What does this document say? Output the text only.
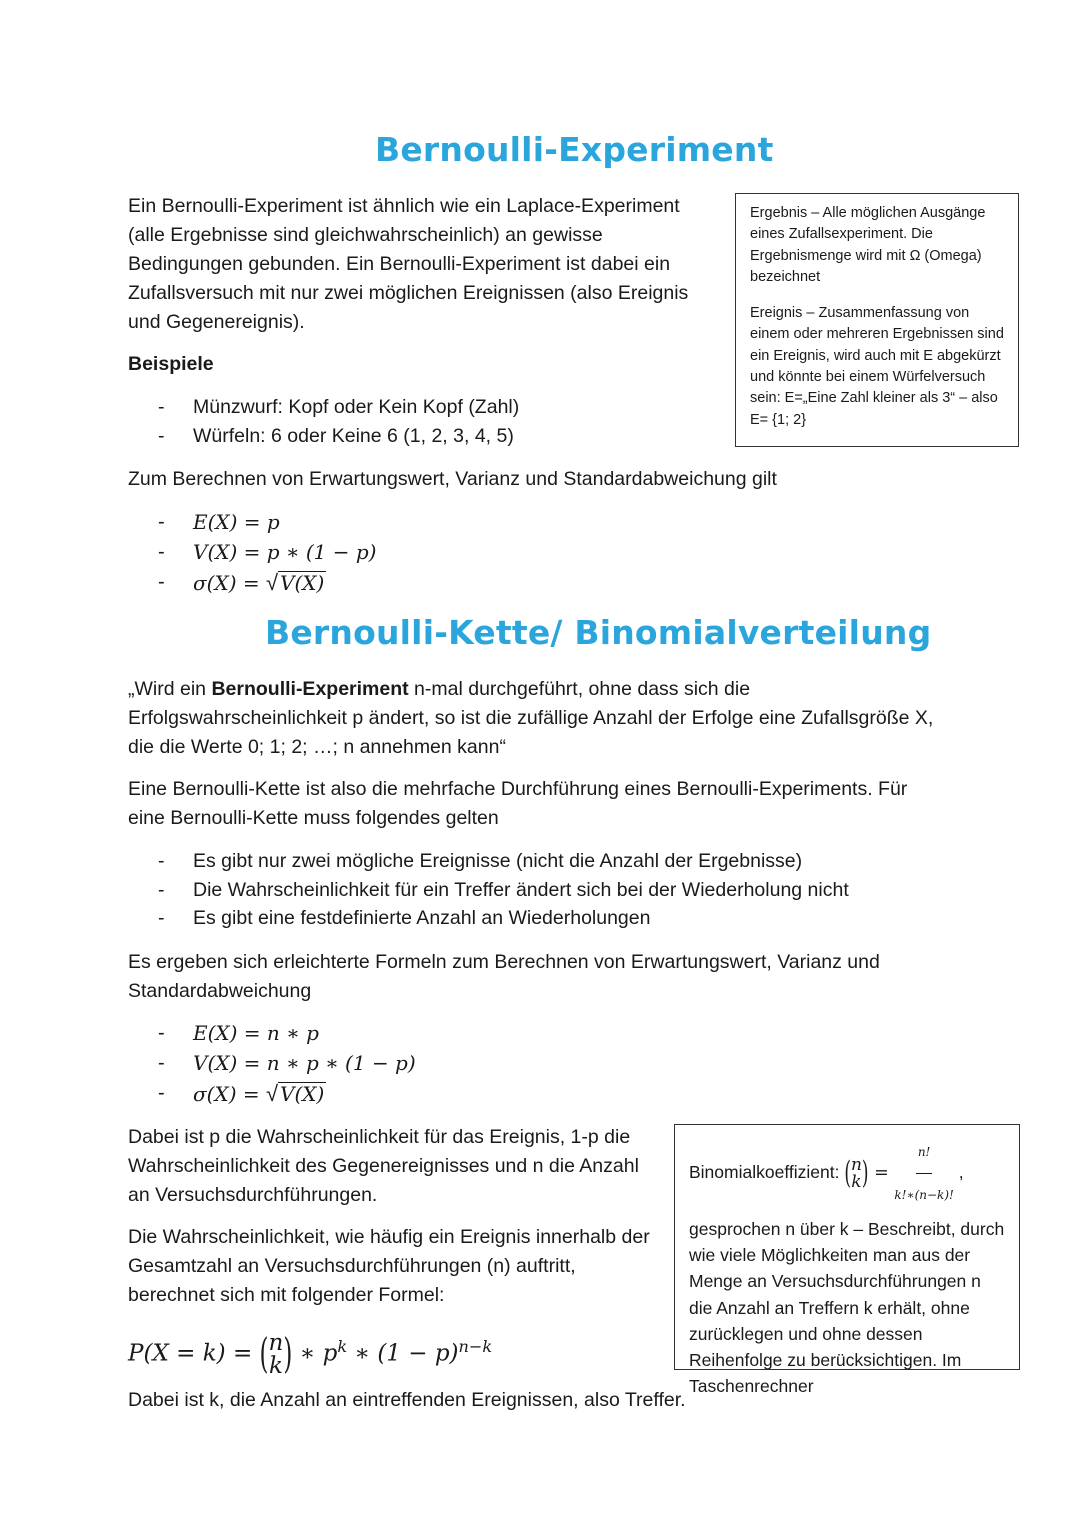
Bernoulli-Experiment
Ein Bernoulli-Experiment ist ähnlich wie ein Laplace-Experiment (alle Ergebnisse sind gleichwahrscheinlich) an gewisse Bedingungen gebunden. Ein Bernoulli-Experiment ist dabei ein Zufallsversuch mit nur zwei möglichen Ereignissen (also Ereignis und Gegenereignis).
Beispiele
- Münzwurf: Kopf oder Kein Kopf (Zahl)
- Würfeln: 6 oder Keine 6 (1, 2, 3, 4, 5)
Zum Berechnen von Erwartungswert, Varianz und Standardabweichung gilt
- E(X) = p
- V(X) = p ∗ (1 − p)
- σ(X) = √ V(X)

Ergebnis – Alle möglichen Ausgänge eines Zufallsexperiment. Die Ergebnismenge wird mit Ω (Omega) bezeichnet

Ereignis – Zusammenfassung von einem oder mehreren Ergebnissen sind ein Ereignis, wird auch mit E abgekürzt und könnte bei einem Würfelversuch sein: E=„Eine Zahl kleiner als 3“ – also E= {1; 2}

Bernoulli-Kette/ Binomialverteilung
„Wird ein Bernoulli-Experiment n-mal durchgeführt, ohne dass sich die Erfolgswahrscheinlichkeit p ändert, so ist die zufällige Anzahl der Erfolge eine Zufallsgröße X, die die Werte 0; 1; 2; …; n annehmen kann“
Eine Bernoulli-Kette ist also die mehrfache Durchführung eines Bernoulli-Experiments. Für eine Bernoulli-Kette muss folgendes gelten
- Es gibt nur zwei mögliche Ereignisse (nicht die Anzahl der Ergebnisse)
- Die Wahrscheinlichkeit für ein Treffer ändert sich bei der Wiederholung nicht
- Es gibt eine festdefinierte Anzahl an Wiederholungen
Es ergeben sich erleichterte Formeln zum Berechnen von Erwartungswert, Varianz und Standardabweichung
- E(X) = n ∗ p
- V(X) = n ∗ p ∗ (1 − p)
- σ(X) = √ V(X)
Dabei ist p die Wahrscheinlichkeit für das Ereignis, 1-p die Wahrscheinlichkeit des Gegenereignisses und n die Anzahl an Versuchsdurchführungen.
Die Wahrscheinlichkeit, wie häufig ein Ereignis innerhalb der Gesamtzahl an Versuchsdurchführungen (n) auftritt, berechnet sich mit folgender Formel:
P(X = k) = ( n
k ) ∗ $p^k$ ∗ $(1 - p)^{n-k}$
Dabei ist k, die Anzahl an eintreffenden Ereignissen, also Treffer.
Binomialkoeffizient: ( n
k ) = $\frac{n!}{k!∗(n-k)!}$ ,
gesprochen n über k – Beschreibt, durch wie viele Möglichkeiten man aus der Menge an Versuchsdurchführungen n die Anzahl an Treffern k erhält, ohne zurücklegen und ohne dessen Reihenfolge zu berücksichtigen. Im Taschenrechner
